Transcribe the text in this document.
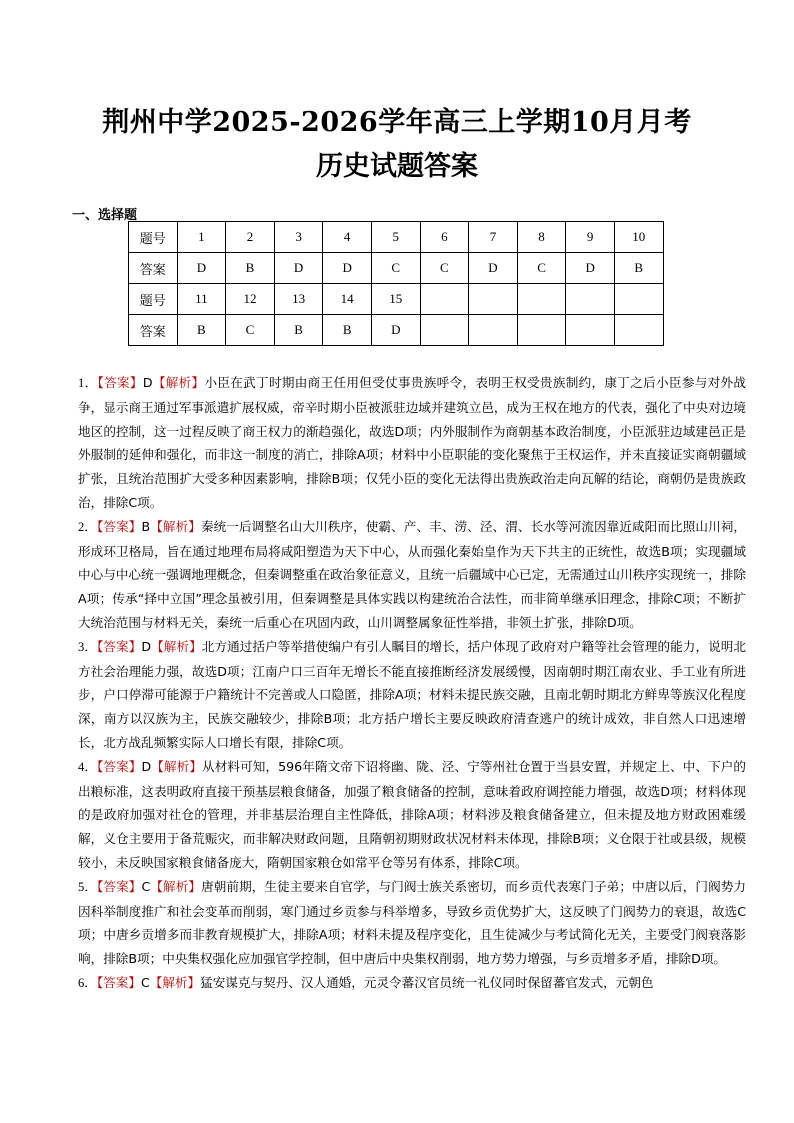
荆州中学2025-2026学年高三上学期10月月考
历史试题答案
一、选择题
题号	1	2	3	4	5	6	7	8	9	10
答案	D	B	D	D	C	C	D	C	D	B
题号	11	12	13	14	15					
答案	B	C	B	B	D					

1．【答案】D【解析】小臣在武丁时期由商王任用但受仗事贵族呼令，表明王权受贵族制约，康丁之后小臣参与对外战争，显示商王通过军事派遣扩展权威，帝辛时期小臣被派驻边域并建筑立邑，成为王权在地方的代表，强化了中央对边境地区的控制，这一过程反映了商王权力的渐趋强化，故选D项；内外服制作为商朝基本政治制度，小臣派驻边域建邑正是外服制的延伸和强化，而非这一制度的消亡，排除A项；材料中小臣职能的变化聚焦于王权运作，并未直接证实商朝疆域扩张，且统治范围扩大受多种因素影响，排除B项；仅凭小臣的变化无法得出贵族政治走向瓦解的结论，商朝仍是贵族政治，排除C项。

2．【答案】B【解析】秦统一后调整名山大川秩序，使霸、产、丰、涝、泾、渭、长水等河流因靠近咸阳而比照山川祠，形成环卫格局，旨在通过地理布局将咸阳塑造为天下中心，从而强化秦始皇作为天下共主的正统性，故选B项；实现疆域中心与中心统一强调地理概念，但秦调整重在政治象征意义，且统一后疆域中心已定，无需通过山川秩序实现统一，排除A项；传承“择中立国”理念虽被引用，但秦调整是具体实践以构建统治合法性，而非简单继承旧理念，排除C项；不断扩大统治范围与材料无关，秦统一后重心在巩固内政，山川调整属象征性举措，非领土扩张，排除D项。

3．【答案】D【解析】北方通过括户等举措使编户有引人瞩目的增长，括户体现了政府对户籍等社会管理的能力，说明北方社会治理能力强，故选D项；江南户口三百年无增长不能直接推断经济发展缓慢，因南朝时期江南农业、手工业有所进步，户口停滞可能源于户籍统计不完善或人口隐匿，排除A项；材料未提民族交融，且南北朝时期北方鲜卑等族汉化程度深，南方以汉族为主，民族交融较少，排除B项；北方括户增长主要反映政府清查逃户的统计成效，非自然人口迅速增长，北方战乱频繁实际人口增长有限，排除C项。

4．【答案】D【解析】从材料可知，596年隋文帝下诏将幽、陇、泾、宁等州社仓置于当县安置，并规定上、中、下户的出粮标准，这表明政府直接干预基层粮食储备，加强了粮食储备的控制，意味着政府调控能力增强，故选D项；材料体现的是政府加强对社仓的管理，并非基层治理自主性降低，排除A项；材料涉及粮食储备建立，但未提及地方财政困难缓解，义仓主要用于备荒赈灾，而非解决财政问题，且隋朝初期财政状况材料未体现，排除B项；义仓限于社或县级，规模较小，未反映国家粮食储备庞大，隋朝国家粮仓如常平仓等另有体系，排除C项。

5．【答案】C【解析】唐朝前期，生徒主要来自官学，与门阀士族关系密切，而乡贡代表寒门子弟；中唐以后，门阀势力因科举制度推广和社会变革而削弱，寒门通过乡贡参与科举增多，导致乡贡优势扩大，这反映了门阀势力的衰退，故选C项；中唐乡贡增多而非教育规模扩大，排除A项；材料未提及程序变化，且生徒减少与考试简化无关，主要受门阀衰落影响，排除B项；中央集权强化应加强官学控制，但中唐后中央集权削弱，地方势力增强，与乡贡增多矛盾，排除D项。

6．【答案】C【解析】猛安谋克与契丹、汉人通婚，元灵令蕃汉官员统一礼仪同时保留蕃官发式，元朝色
